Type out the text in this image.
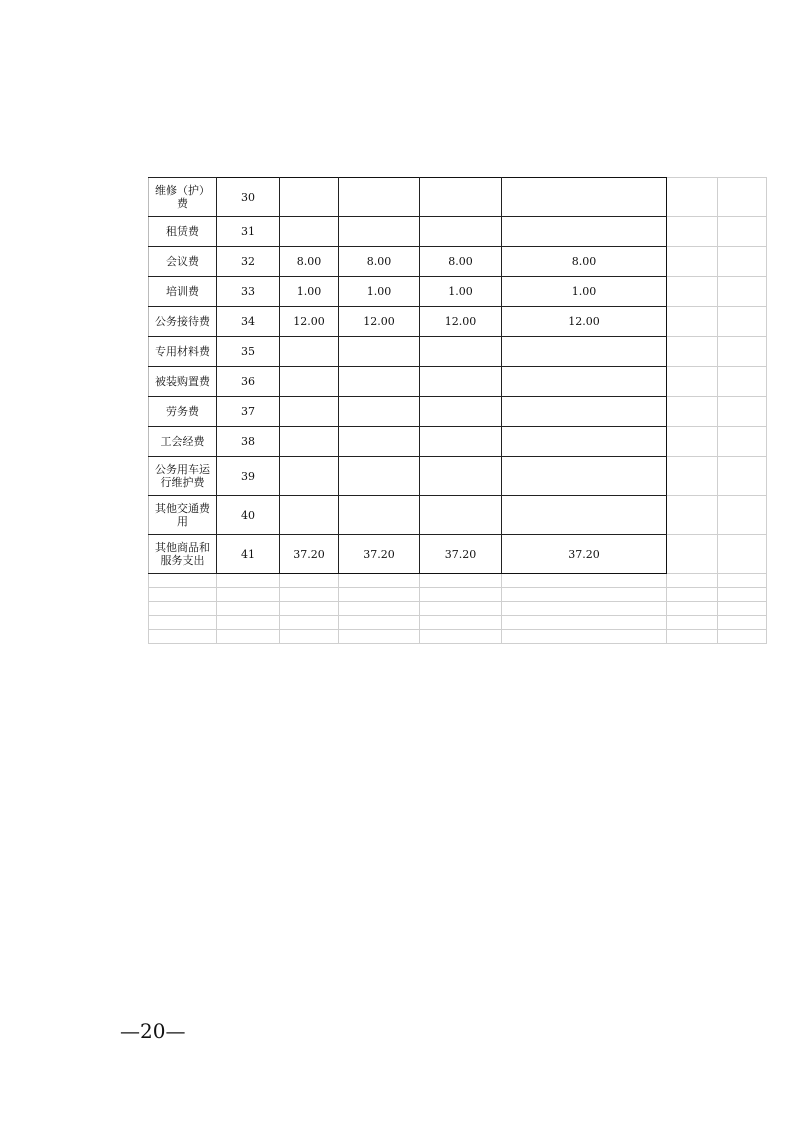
维修（护）费	30						

租赁费	31						

会议费	32	8.00	8.00	8.00	8.00		

培训费	33	1.00	1.00	1.00	1.00		

公务接待费	34	12.00	12.00	12.00	12.00		

专用材料费	35						

被装购置费	36						

劳务费	37						

工会经费	38						

公务用车运行维护费	39						

其他交通费用	40						

其他商品和服务支出	41	37.20	37.20	37.20	37.20		

—20—
